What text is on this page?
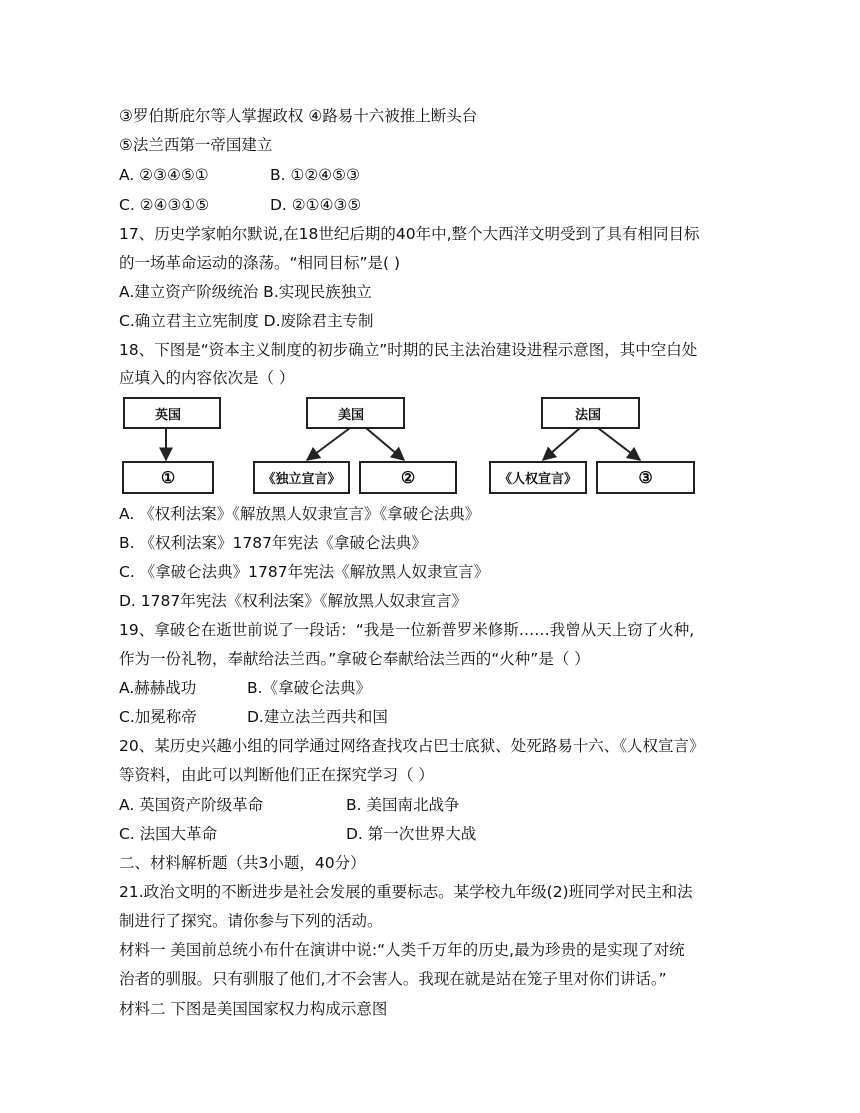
③罗伯斯庇尔等人掌握政权 ④路易十六被推上断头台
⑤法兰西第一帝国建立
A. ②③④⑤①	B. ①②④⑤③
C. ②④③①⑤	D. ②①④③⑤
17、历史学家帕尔默说,在18世纪后期的40年中,整个大西洋文明受到了具有相同目标
的一场革命运动的涤荡。“相同目标”是( )
A.建立资产阶级统治 B.实现民族独立
C.确立君主立宪制度 D.废除君主专制
18、下图是“资本主义制度的初步确立”时期的民主法治建设进程示意图，其中空白处
应填入的内容依次是（ ）
英国
①
美国
《独立宣言》	②
法国
《人权宣言》	③
A. 《权利法案》《解放黑人奴隶宣言》《拿破仑法典》
B. 《权利法案》1787年宪法《拿破仑法典》
C. 《拿破仑法典》1787年宪法《解放黑人奴隶宣言》
D. 1787年宪法《权利法案》《解放黑人奴隶宣言》
19、拿破仑在逝世前说了一段话：“我是一位新普罗米修斯……我曾从天上窃了火种,
作为一份礼物，奉献给法兰西。”拿破仑奉献给法兰西的“火种”是（ ）
A.赫赫战功	B.《拿破仑法典》
C.加冕称帝	D.建立法兰西共和国
20、某历史兴趣小组的同学通过网络查找攻占巴士底狱、处死路易十六、《人权宣言》
等资料，由此可以判断他们正在探究学习（ ）
A. 英国资产阶级革命	B. 美国南北战争
C. 法国大革命	D. 第一次世界大战
二、材料解析题（共3小题，40分）
21.政治文明的不断进步是社会发展的重要标志。某学校九年级(2)班同学对民主和法
制进行了探究。请你参与下列的活动。
材料一 美国前总统小布什在演讲中说:“人类千万年的历史,最为珍贵的是实现了对统
治者的驯服。只有驯服了他们,才不会害人。我现在就是站在笼子里对你们讲话。”
材料二 下图是美国国家权力构成示意图
